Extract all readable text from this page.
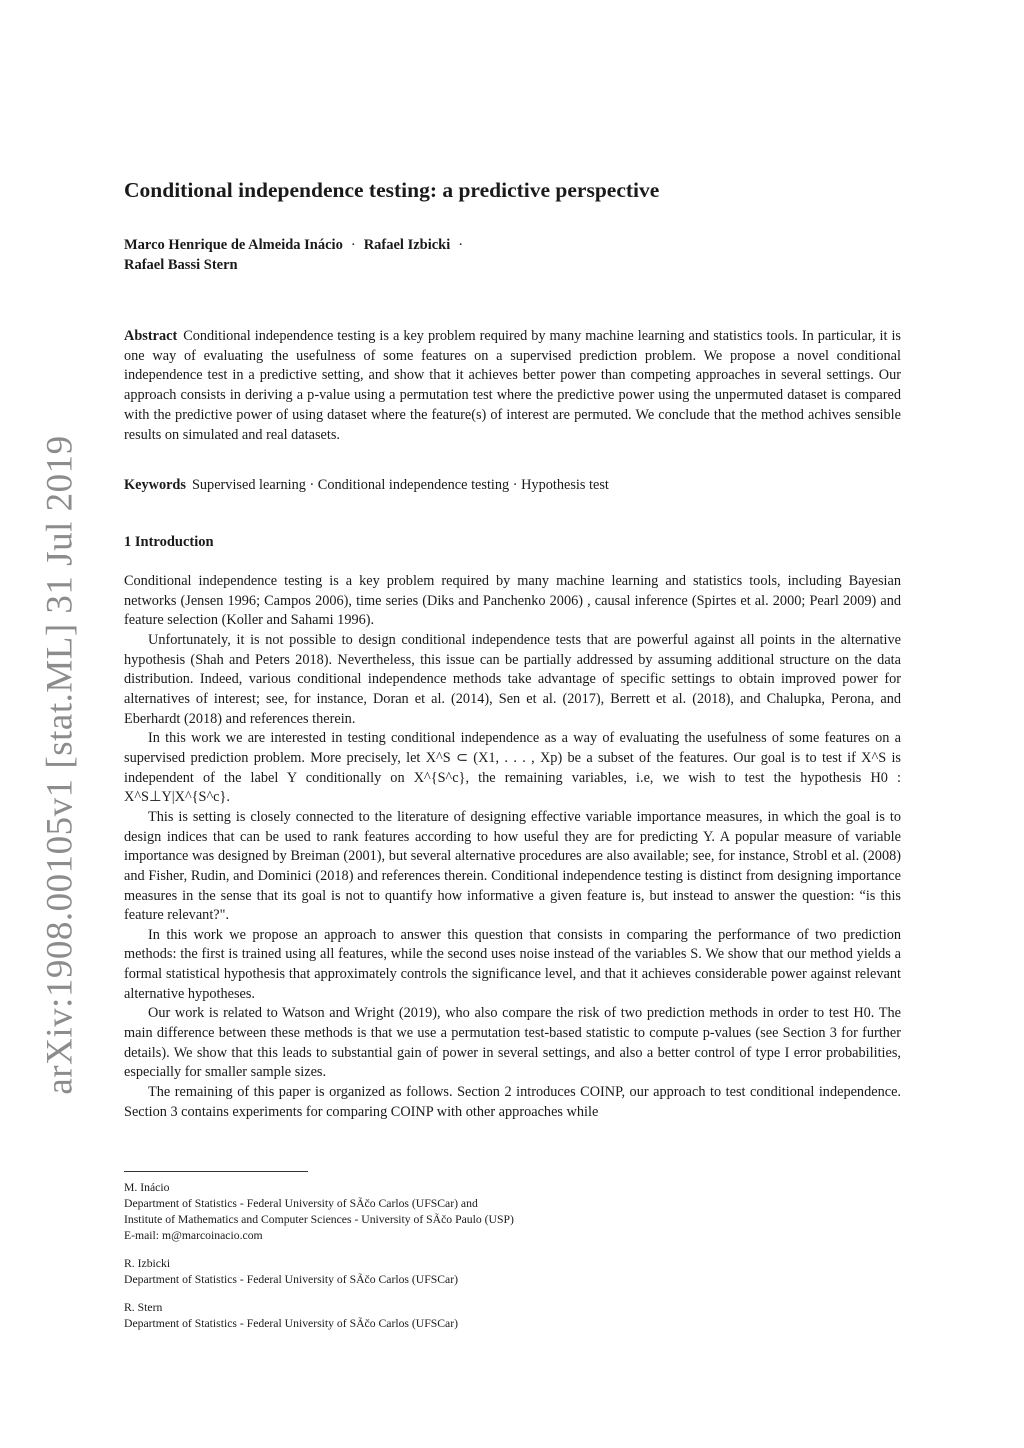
arXiv:1908.00105v1 [stat.ML] 31 Jul 2019
Conditional independence testing: a predictive perspective
Marco Henrique de Almeida Inácio · Rafael Izbicki ·
Rafael Bassi Stern
Abstract Conditional independence testing is a key problem required by many machine learning and statistics tools. In particular, it is one way of evaluating the usefulness of some features on a supervised prediction problem. We propose a novel conditional independence test in a predictive setting, and show that it achieves better power than competing approaches in several settings. Our approach consists in deriving a p-value using a permutation test where the predictive power using the unpermuted dataset is compared with the predictive power of using dataset where the feature(s) of interest are permuted. We conclude that the method achives sensible results on simulated and real datasets.
Keywords Supervised learning · Conditional independence testing · Hypothesis test
1 Introduction

Conditional independence testing is a key problem required by many machine learning and statistics tools, including Bayesian networks (Jensen 1996; Campos 2006), time series (Diks and Panchenko 2006) , causal inference (Spirtes et al. 2000; Pearl 2009) and feature selection (Koller and Sahami 1996).

Unfortunately, it is not possible to design conditional independence tests that are powerful against all points in the alternative hypothesis (Shah and Peters 2018). Nevertheless, this issue can be partially addressed by assuming additional structure on the data distribution. Indeed, various conditional independence methods take advantage of specific settings to obtain improved power for alternatives of interest; see, for instance, Doran et al. (2014), Sen et al. (2017), Berrett et al. (2018), and Chalupka, Perona, and Eberhardt (2018) and references therein.

In this work we are interested in testing conditional independence as a way of evaluating the usefulness of some features on a supervised prediction problem. More precisely, let X^S ⊂ (X1, . . . , Xp) be a subset of the features. Our goal is to test if X^S is independent of the label Y conditionally on X^{S^c}, the remaining variables, i.e, we wish to test the hypothesis H0 : X^S⊥Y|X^{S^c}.

This is setting is closely connected to the literature of designing effective variable importance measures, in which the goal is to design indices that can be used to rank features according to how useful they are for predicting Y. A popular measure of variable importance was designed by Breiman (2001), but several alternative procedures are also available; see, for instance, Strobl et al. (2008) and Fisher, Rudin, and Dominici (2018) and references therein. Conditional independence testing is distinct from designing importance measures in the sense that its goal is not to quantify how informative a given feature is, but instead to answer the question: “is this feature relevant?".

In this work we propose an approach to answer this question that consists in comparing the performance of two prediction methods: the first is trained using all features, while the second uses noise instead of the variables S. We show that our method yields a formal statistical hypothesis that approximately controls the significance level, and that it achieves considerable power against relevant alternative hypotheses.

Our work is related to Watson and Wright (2019), who also compare the risk of two prediction methods in order to test H0. The main difference between these methods is that we use a permutation test-based statistic to compute p-values (see Section 3 for further details). We show that this leads to substantial gain of power in several settings, and also a better control of type I error probabilities, especially for smaller sample sizes.

The remaining of this paper is organized as follows. Section 2 introduces COINP, our approach to test conditional independence. Section 3 contains experiments for comparing COINP with other approaches while

M. Inácio
Department of Statistics - Federal University of SÃčo Carlos (UFSCar) and
Institute of Mathematics and Computer Sciences - University of SÃčo Paulo (USP)
E-mail: m@marcoinacio.com
R. Izbicki
Department of Statistics - Federal University of SÃčo Carlos (UFSCar)
R. Stern
Department of Statistics - Federal University of SÃčo Carlos (UFSCar)
